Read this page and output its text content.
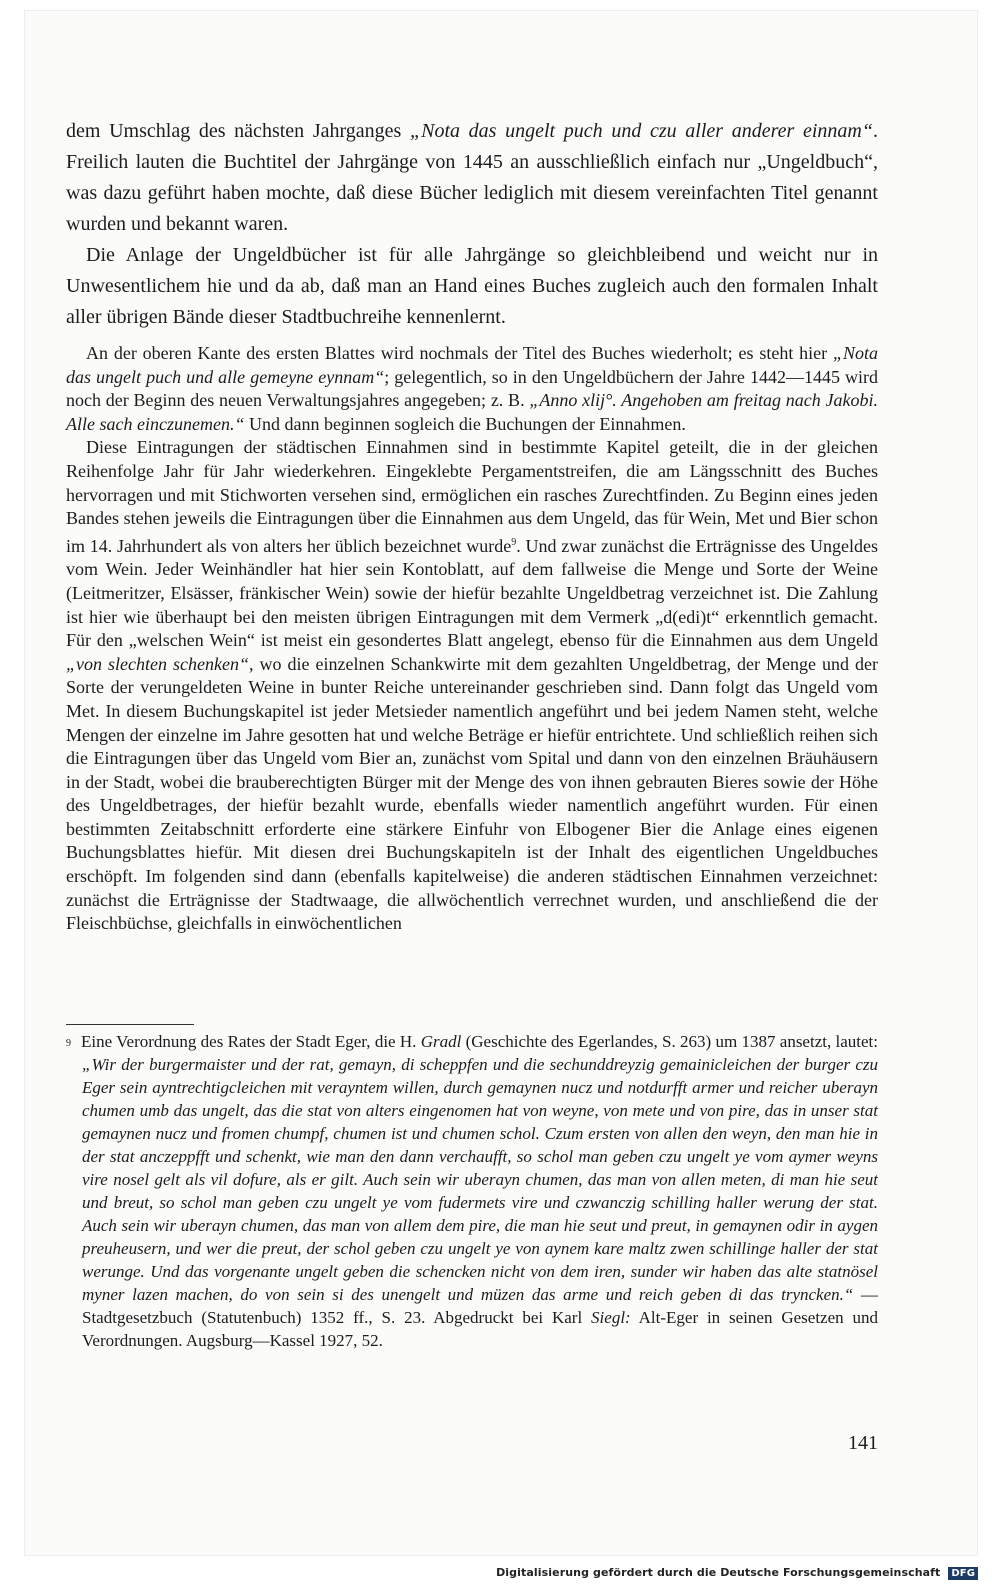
dem Umschlag des nächsten Jahrganges „Nota das ungelt puch und czu aller anderer einnam“. Freilich lauten die Buchtitel der Jahrgänge von 1445 an ausschließlich einfach nur „Ungeldbuch“, was dazu geführt haben mochte, daß diese Bücher lediglich mit diesem vereinfachten Titel genannt wurden und bekannt waren.

Die Anlage der Ungeldbücher ist für alle Jahrgänge so gleichbleibend und weicht nur in Unwesentlichem hie und da ab, daß man an Hand eines Buches zugleich auch den formalen Inhalt aller übrigen Bände dieser Stadtbuchreihe kennenlernt.

An der oberen Kante des ersten Blattes wird nochmals der Titel des Buches wiederholt; es steht hier „Nota das ungelt puch und alle gemeyne eynnam“; gelegentlich, so in den Ungeldbüchern der Jahre 1442—1445 wird noch der Beginn des neuen Verwaltungsjahres angegeben; z. B. „Anno xlij°. Angehoben am freitag nach Jakobi. Alle sach einczunemen.“ Und dann beginnen sogleich die Buchungen der Einnahmen.

Diese Eintragungen der städtischen Einnahmen sind in bestimmte Kapitel geteilt, die in der gleichen Reihenfolge Jahr für Jahr wiederkehren. Eingeklebte Pergamentstreifen, die am Längsschnitt des Buches hervorragen und mit Stichworten versehen sind, ermöglichen ein rasches Zurechtfinden. Zu Beginn eines jeden Bandes stehen jeweils die Eintragungen über die Einnahmen aus dem Ungeld, das für Wein, Met und Bier schon im 14. Jahrhundert als von alters her üblich bezeichnet wurde$^9$. Und zwar zunächst die Erträgnisse des Ungeldes vom Wein. Jeder Weinhändler hat hier sein Kontoblatt, auf dem fallweise die Menge und Sorte der Weine (Leitmeritzer, Elsässer, fränkischer Wein) sowie der hiefür bezahlte Ungeldbetrag verzeichnet ist. Die Zahlung ist hier wie überhaupt bei den meisten übrigen Eintragungen mit dem Vermerk „d(edi)t“ erkenntlich gemacht. Für den „welschen Wein“ ist meist ein gesondertes Blatt angelegt, ebenso für die Einnahmen aus dem Ungeld „von slechten schenken“, wo die einzelnen Schankwirte mit dem gezahlten Ungeldbetrag, der Menge und der Sorte der verungeldeten Weine in bunter Reiche untereinander geschrieben sind. Dann folgt das Ungeld vom Met. In diesem Buchungskapitel ist jeder Metsieder namentlich angeführt und bei jedem Namen steht, welche Mengen der einzelne im Jahre gesotten hat und welche Beträge er hiefür entrichtete. Und schließlich reihen sich die Eintragungen über das Ungeld vom Bier an, zunächst vom Spital und dann von den einzelnen Bräuhäusern in der Stadt, wobei die brauberechtigten Bürger mit der Menge des von ihnen gebrauten Bieres sowie der Höhe des Ungeldbetrages, der hiefür bezahlt wurde, ebenfalls wieder namentlich angeführt wurden. Für einen bestimmten Zeitabschnitt erforderte eine stärkere Einfuhr von Elbogener Bier die Anlage eines eigenen Buchungsblattes hiefür. Mit diesen drei Buchungskapiteln ist der Inhalt des eigentlichen Ungeldbuches erschöpft. Im folgenden sind dann (ebenfalls kapitelweise) die anderen städtischen Einnahmen verzeichnet: zunächst die Erträgnisse der Stadtwaage, die allwöchentlich verrechnet wurden, und anschließend die der Fleischbüchse, gleichfalls in einwöchentlichen

$^9$ Eine Verordnung des Rates der Stadt Eger, die H. Gradl (Geschichte des Egerlandes, S. 263) um 1387 ansetzt, lautet: „Wir der burgermaister und der rat, gemayn, di scheppfen und die sechunddreyzig gemainicleichen der burger czu Eger sein ayntrechtigcleichen mit verayntem willen, durch gemaynen nucz und notdurfft armer und reicher uberayn chumen umb das ungelt, das die stat von alters eingenomen hat von weyne, von mete und von pire, das in unser stat gemaynen nucz und fromen chumpf, chumen ist und chumen schol. Czum ersten von allen den weyn, den man hie in der stat anczeppfft und schenkt, wie man den dann verchaufft, so schol man geben czu ungelt ye vom aymer weyns vire nosel gelt als vil dofure, als er gilt. Auch sein wir uberayn chumen, das man von allen meten, di man hie seut und breut, so schol man geben czu ungelt ye vom fudermets vire und czwanczig schilling haller werung der stat. Auch sein wir uberayn chumen, das man von allem dem pire, die man hie seut und preut, in gemaynen odir in aygen preuheusern, und wer die preut, der schol geben czu ungelt ye von aynem kare maltz zwen schillinge haller der stat werunge. Und das vorgenante ungelt geben die schencken nicht von dem iren, sunder wir haben das alte statnösel myner lazen machen, do von sein si des unengelt und müzen das arme und reich geben di das tryncken.“ — Stadtgesetzbuch (Statutenbuch) 1352 ff., S. 23. Abgedruckt bei Karl Siegl: Alt-Eger in seinen Gesetzen und Verordnungen. Augsburg—Kassel 1927, 52.

141
Digitalisierung gefördert durch die Deutsche Forschungsgemeinschaft DFG
